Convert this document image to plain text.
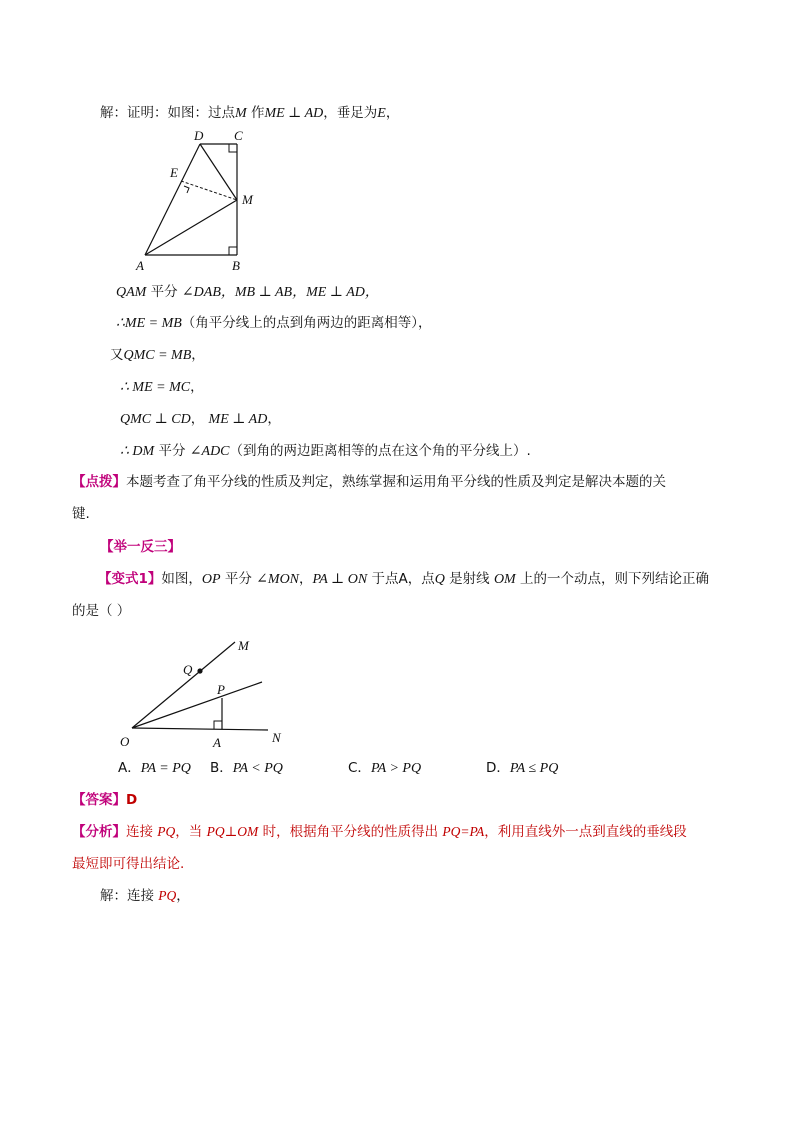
解：证明：如图：过点M 作ME ⊥ AD，垂足为E，
D C
E
M
A	B
QAM 平分 ∠DAB，MB ⊥ AB，ME ⊥ AD，
∴ME = MB（角平分线上的点到角两边的距离相等），
又QMC = MB，
∴ ME = MC，
QMC ⊥ CD， ME ⊥ AD，
∴ DM 平分 ∠ADC（到角的两边距离相等的点在这个角的平分线上）.
【点拨】本题考查了角平分线的性质及判定，熟练掌握和运用角平分线的性质及判定是解决本题的关
键.
【举一反三】
【变式1】如图，OP 平分 ∠MON，PA ⊥ ON 于点A，点Q 是射线 OM 上的一个动点，则下列结论正确
的是（ ）
M
Q
P
O	A	N
A．PA = PQ B．PA < PQ	C．PA > PQ	D．PA ≤ PQ
【答案】D
【分析】连接 PQ，当 PQ⊥OM 时，根据角平分线的性质得出 PQ=PA，利用直线外一点到直线的垂线段
最短即可得出结论.
解：连接 PQ，
